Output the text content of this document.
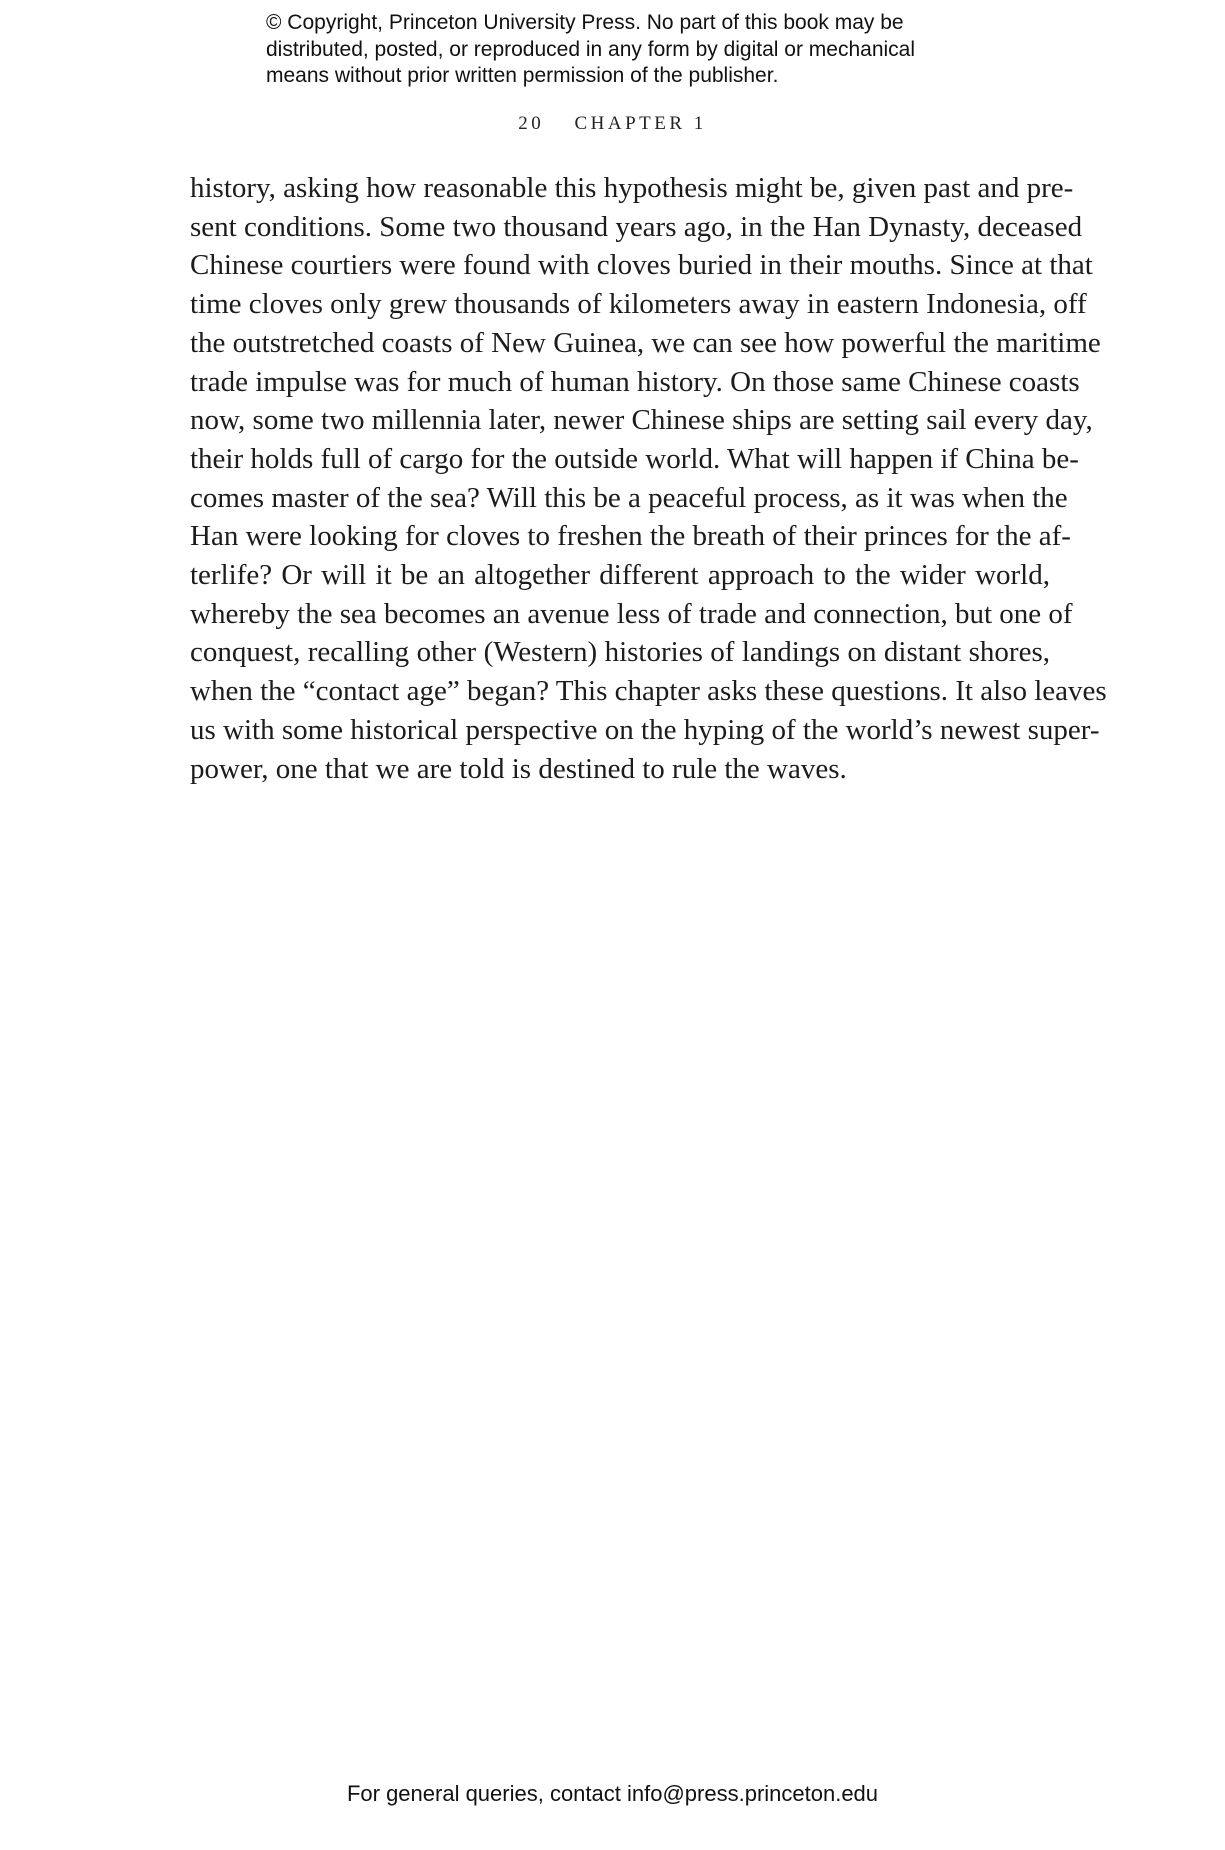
© Copyright, Princeton University Press. No part of this book may be
distributed, posted, or reproduced in any form by digital or mechanical
means without prior written permission of the publisher.
20 CHAPTER 1
history, asking how reasonable this hypothesis might be, given past and pre-
sent conditions. Some two thousand years ago, in the Han Dynasty, deceased
Chinese courtiers were found with cloves buried in their mouths. Since at that
time cloves only grew thousands of kilometers away in eastern Indonesia, off
the outstretched coasts of New Guinea, we can see how powerful the maritime
trade impulse was for much of human history. On those same Chinese coasts
now, some two millennia later, newer Chinese ships are setting sail every day,
their holds full of cargo for the outside world. What will happen if China be-
comes master of the sea? Will this be a peaceful process, as it was when the
Han were looking for cloves to freshen the breath of their princes for the af-
terlife? Or will it be an altogether different approach to the wider world,
whereby the sea becomes an avenue less of trade and connection, but one of
conquest, recalling other (Western) histories of landings on distant shores,
when the “contact age” began? This chapter asks these questions. It also leaves
us with some historical perspective on the hyping of the world’s newest super-
power, one that we are told is destined to rule the waves.
For general queries, contact info@press.princeton.edu
